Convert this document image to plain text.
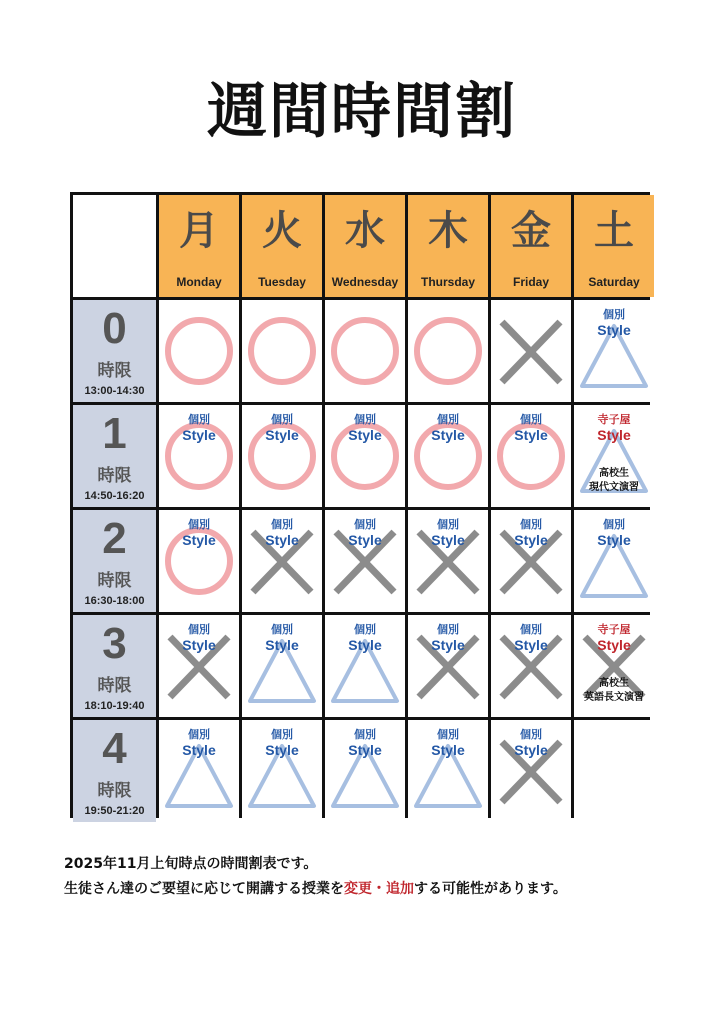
週間時間割
月
Monday
火
Tuesday
水
Wednesday
木
Thursday
金
Friday
土
Saturday
0
時限
13:00-14:30
個別
Style
1
時限
14:50-16:20
個別
Style
個別
Style
個別
Style
個別
Style
個別
Style
寺子屋
Style
高校生
現代文演習
2
時限
16:30-18:00
個別
Style
個別
Style
個別
Style
個別
Style
個別
Style
個別
Style
3
時限
18:10-19:40
個別
Style
個別
Style
個別
Style
個別
Style
個別
Style
寺子屋
Style
高校生
英語長文演習
4
時限
19:50-21:20
個別
Style
個別
Style
個別
Style
個別
Style
個別
Style
2025年11月上旬時点の時間割表です。
生徒さん達のご要望に応じて開講する授業を変更・追加する可能性があります。
